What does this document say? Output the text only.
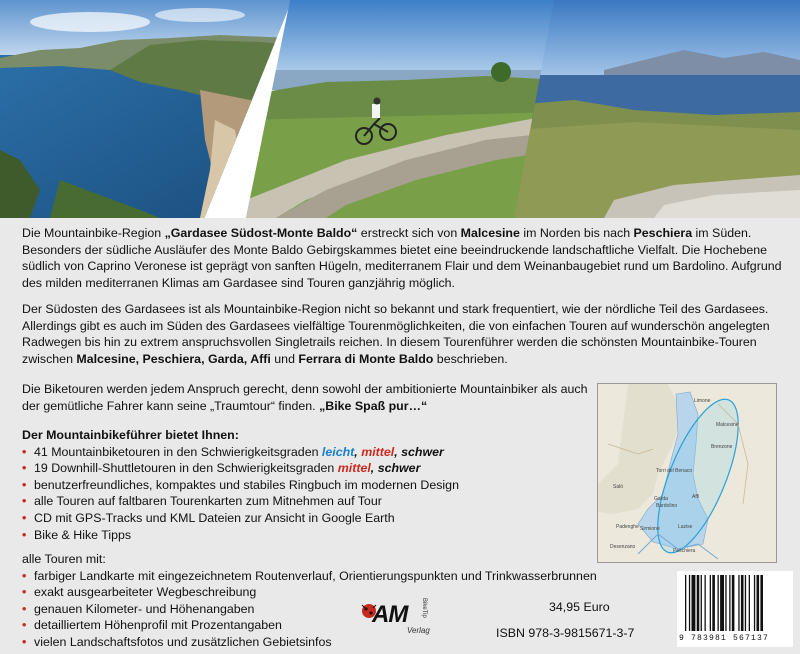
Die Mountainbike-Region „Gardasee Südost-Monte Baldo“ erstreckt sich von Malcesine im Norden bis nach Peschiera im Süden. Besonders der südliche Ausläufer des Monte Baldo Gebirgskammes bietet eine beeindruckende landschaftliche Vielfalt. Die Hochebene südlich von Caprino Veronese ist geprägt von sanften Hügeln, mediterranem Flair und dem Weinanbaugebiet rund um Bardolino. Aufgrund des milden mediterranen Klimas am Gardasee sind Touren ganzjährig möglich.

Der Südosten des Gardasees ist als Mountainbike-Region nicht so bekannt und stark frequentiert, wie der nördliche Teil des Gardasees. Allerdings gibt es auch im Süden des Gardasees vielfältige Tourenmöglichkeiten, die von einfachen Touren auf wunderschön angelegten Radwegen bis hin zu extrem anspruchsvollen Singletrails reichen. In diesem Tourenführer werden die schönsten Mountainbike-Touren zwischen Malcesine, Peschiera, Garda, Affi und Ferrara di Monte Baldo beschrieben.

Die Biketouren werden jedem Anspruch gerecht, denn sowohl der ambitionierte Mountainbiker als auch der gemütliche Fahrer kann seine „Traumtour“ finden. „Bike Spaß pur…“

Der Mountainbikeführer bietet Ihnen:

• 41 Mountainbiketouren in den Schwierigkeitsgraden leicht, mittel, schwer
• 19 Downhill-Shuttletouren in den Schwierigkeitsgraden mittel, schwer
• benutzerfreundliches, kompaktes und stabiles Ringbuch im modernen Design
• alle Touren auf faltbaren Tourenkarten zum Mitnehmen auf Tour
• CD mit GPS-Tracks und KML Dateien zur Ansicht in Google Earth
• Bike & Hike Tipps

alle Touren mit:

• farbiger Landkarte mit eingezeichnetem Routenverlauf, Orientierungspunkten und Trinkwasserbrunnen
• exakt ausgearbeiteter Wegbeschreibung
• genauen Kilometer- und Höhenangaben
• detailliertem Höhenprofil mit Prozentangaben
• vielen Landschaftsfotos und zusätzlichen Gebietsinfos
Limone
Malcesine
Brenzone
Torri del Benaco
Garda
Bardolino
Affi
Lazise
Peschiera
Sirmione
Salò
Desenzano
Padenghe
AM
Verlag
BikeTip	34,95 Euro
ISBN 978-3-9815671-3-7	9 783981 567137
